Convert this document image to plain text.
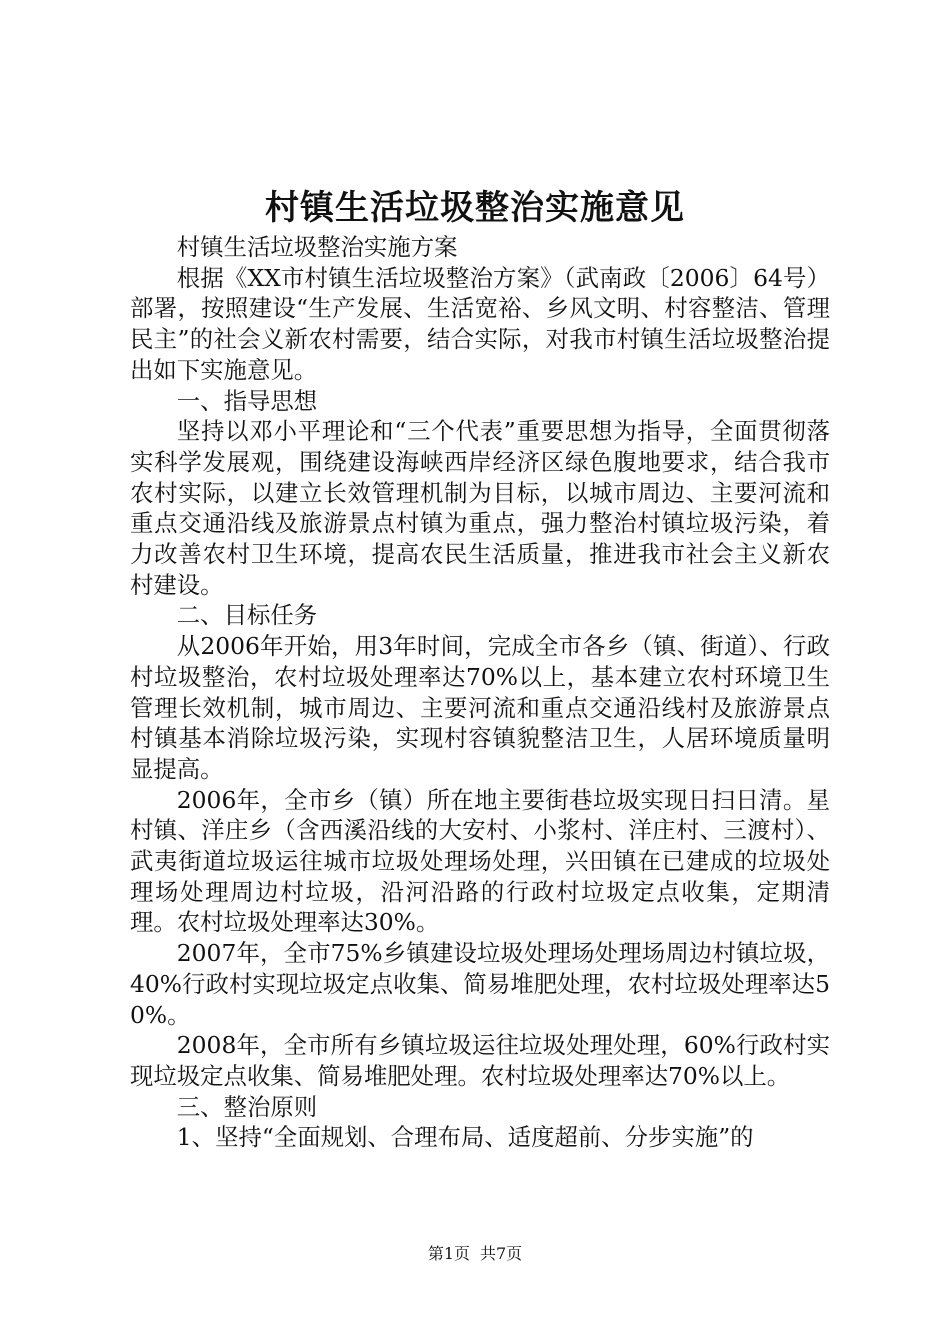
村镇生活垃圾整治实施意见

村镇生活垃圾整治实施方案

根据《XX市村镇生活垃圾整治方案》（武南政〔2006〕64号）部署，按照建设“生产发展、生活宽裕、乡风文明、村容整洁、管理民主”的社会义新农村需要，结合实际，对我市村镇生活垃圾整治提出如下实施意见。

一、指导思想

坚持以邓小平理论和“三个代表”重要思想为指导，全面贯彻落实科学发展观，围绕建设海峡西岸经济区绿色腹地要求，结合我市农村实际，以建立长效管理机制为目标，以城市周边、主要河流和重点交通沿线及旅游景点村镇为重点，强力整治村镇垃圾污染，着力改善农村卫生环境，提高农民生活质量，推进我市社会主义新农村建设。

二、目标任务

从2006年开始，用3年时间，完成全市各乡（镇、街道）、行政村垃圾整治，农村垃圾处理率达70%以上，基本建立农村环境卫生管理长效机制，城市周边、主要河流和重点交通沿线村及旅游景点村镇基本消除垃圾污染，实现村容镇貌整洁卫生，人居环境质量明显提高。

2006年，全市乡（镇）所在地主要街巷垃圾实现日扫日清。星村镇、洋庄乡（含西溪沿线的大安村、小浆村、洋庄村、三渡村）、武夷街道垃圾运往城市垃圾处理场处理，兴田镇在已建成的垃圾处理场处理周边村垃圾，沿河沿路的行政村垃圾定点收集，定期清理。农村垃圾处理率达30%。

2007年，全市75%乡镇建设垃圾处理场处理场周边村镇垃圾，40%行政村实现垃圾定点收集、简易堆肥处理，农村垃圾处理率达50%。

2008年，全市所有乡镇垃圾运往垃圾处理处理，60%行政村实现垃圾定点收集、简易堆肥处理。农村垃圾处理率达70%以上。

三、整治原则

1、坚持“全面规划、合理布局、适度超前、分步实施”的

第1页 共7页
